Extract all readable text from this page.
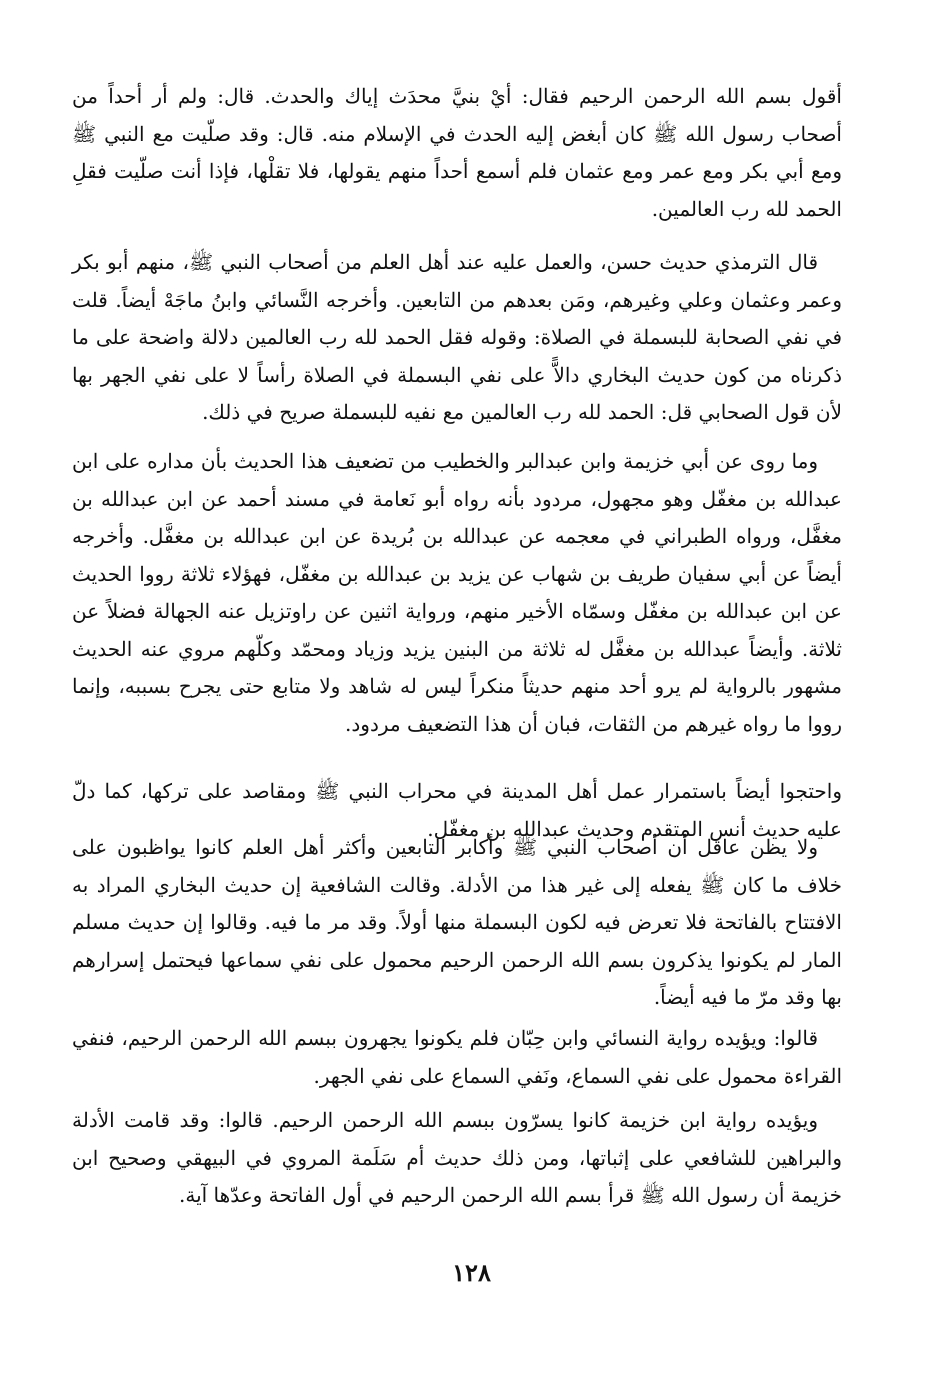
أقول بسم الله الرحمن الرحيم فقال: أيْ بنيَّ محدَث إياك والحدث. قال: ولم أر أحداً من أصحاب رسول الله ﷺ كان أبغض إليه الحدث في الإسلام منه. قال: وقد صلّيت مع النبي ﷺ ومع أبي بكر ومع عمر ومع عثمان فلم أسمع أحداً منهم يقولها، فلا تقلْها، فإذا أنت صلّيت فقلِ الحمد لله رب العالمين.

قال الترمذي حديث حسن، والعمل عليه عند أهل العلم من أصحاب النبي ﷺ، منهم أبو بكر وعمر وعثمان وعلي وغيرهم، ومَن بعدهم من التابعين. وأخرجه النَّسائي وابنُ ماجَهْ أيضاً. قلت في نفي الصحابة للبسملة في الصلاة: وقوله فقل الحمد لله رب العالمين دلالة واضحة على ما ذكرناه من كون حديث البخاري دالاًّ على نفي البسملة في الصلاة رأساً لا على نفي الجهر بها لأن قول الصحابي قل: الحمد لله رب العالمين مع نفيه للبسملة صريح في ذلك.

وما روى عن أبي خزيمة وابن عبدالبر والخطيب من تضعيف هذا الحديث بأن مداره على ابن عبدالله بن مغفّل وهو مجهول، مردود بأنه رواه أبو نَعامة في مسند أحمد عن ابن عبدالله بن مغفَّل، ورواه الطبراني في معجمه عن عبدالله بن بُريدة عن ابن عبدالله بن مغفَّل. وأخرجه أيضاً عن أبي سفيان طريف بن شهاب عن يزيد بن عبدالله بن مغفّل، فهؤلاء ثلاثة رووا الحديث عن ابن عبدالله بن مغفّل وسمّاه الأخير منهم، ورواية اثنين عن راوتزيل عنه الجهالة فضلاً عن ثلاثة. وأيضاً عبدالله بن مغفَّل له ثلاثة من البنين يزيد وزياد ومحمّد وكلّهم مروي عنه الحديث مشهور بالرواية لم يرو أحد منهم حديثاً منكراً ليس له شاهد ولا متابع حتى يجرح بسببه، وإنما رووا ما رواه غيرهم من الثقات، فبان أن هذا التضعيف مردود.

واحتجوا أيضاً باستمرار عمل أهل المدينة في محراب النبي ﷺ ومقاصد على تركها، كما دلّ عليه حديث أنس المتقدم وحديث عبدالله بن مغفّل.

ولا يظن عاقل أن أصحاب النبي ﷺ وأكابر التابعين وأكثر أهل العلم كانوا يواظبون على خلاف ما كان ﷺ يفعله إلى غير هذا من الأدلة. وقالت الشافعية إن حديث البخاري المراد به الافتتاح بالفاتحة فلا تعرض فيه لكون البسملة منها أولاً. وقد مر ما فيه. وقالوا إن حديث مسلم المار لم يكونوا يذكرون بسم الله الرحمن الرحيم محمول على نفي سماعها فيحتمل إسرارهم بها وقد مرّ ما فيه أيضاً.

قالوا: ويؤيده رواية النسائي وابن حِبّان فلم يكونوا يجهرون ببسم الله الرحمن الرحيم، فنفي القراءة محمول على نفي السماع، ونَفي السماع على نفي الجهر.

ويؤيده رواية ابن خزيمة كانوا يسرّون ببسم الله الرحمن الرحيم. قالوا: وقد قامت الأدلة والبراهين للشافعي على إثباتها، ومن ذلك حديث أم سَلَمة المروي في البيهقي وصحيح ابن خزيمة أن رسول الله ﷺ قرأ بسم الله الرحمن الرحيم في أول الفاتحة وعدّها آية.

١٢٨
